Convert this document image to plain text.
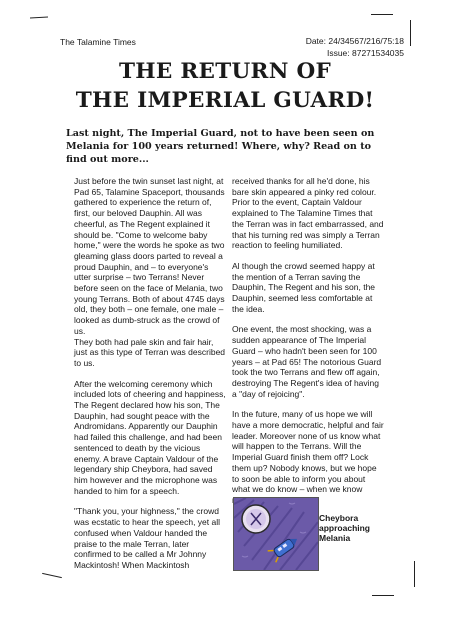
The Talamine Times	Date: 24/34567/216/75:18
Issue: 87271534035
THE RETURN OF
THE IMPERIAL GUARD!
Last night, The Imperial Guard, not to have been seen on Melania for 100 years returned! Where, why? Read on to find out more...

Just before the twin sunset last night, at Pad 65, Talamine Spaceport, thousands gathered to experience the return of, first, our beloved Dauphin. All was cheerful, as The Regent explained it should be. "Come to welcome baby home," were the words he spoke as two gleaming glass doors parted to reveal a proud Dauphin, and – to everyone's utter surprise – two Terrans! Never before seen on the face of Melania, two young Terrans. Both of about 4745 days old, they both – one female, one male – looked as dumb-struck as the crowd of us.

They both had pale skin and fair hair, just as this type of Terran was described to us.

After the welcoming ceremony which included lots of cheering and happiness, The Regent declared how his son, The Dauphin, had sought peace with the Andromidans. Apparently our Dauphin had failed this challenge, and had been sentenced to death by the vicious enemy. A brave Captain Valdour of the legendary ship Cheybora, had saved him however and the microphone was handed to him for a speech.

"Thank you, your highness," the crowd was ecstatic to hear the speech, yet all confused when Valdour handed the praise to the male Terran, later confirmed to be called a Mr Johnny Mackintosh! When Mackintosh

received thanks for all he'd done, his bare skin appeared a pinky red colour. Prior to the event, Captain Valdour explained to The Talamine Times that the Terran was in fact embarrassed, and that his turning red was simply a Terran reaction to feeling humiliated.

Al though the crowd seemed happy at the mention of a Terran saving the Dauphin, The Regent and his son, the Dauphin, seemed less comfortable at the idea.

One event, the most shocking, was a sudden appearance of The Imperial Guard – who hadn't been seen for 100 years – at Pad 65! The notorious Guard took the two Terrans and flew off again, destroying The Regent's idea of having a "day of rejoicing".

In the future, many of us hope we will have a more democratic, helpful and fair leader. Moreover none of us know what will happen to the Terrans. Will the Imperial Guard finish them off? Lock them up? Nobody knows, but we hope to soon be able to inform you about what we do know – when we know

Cheybora approaching Melania
